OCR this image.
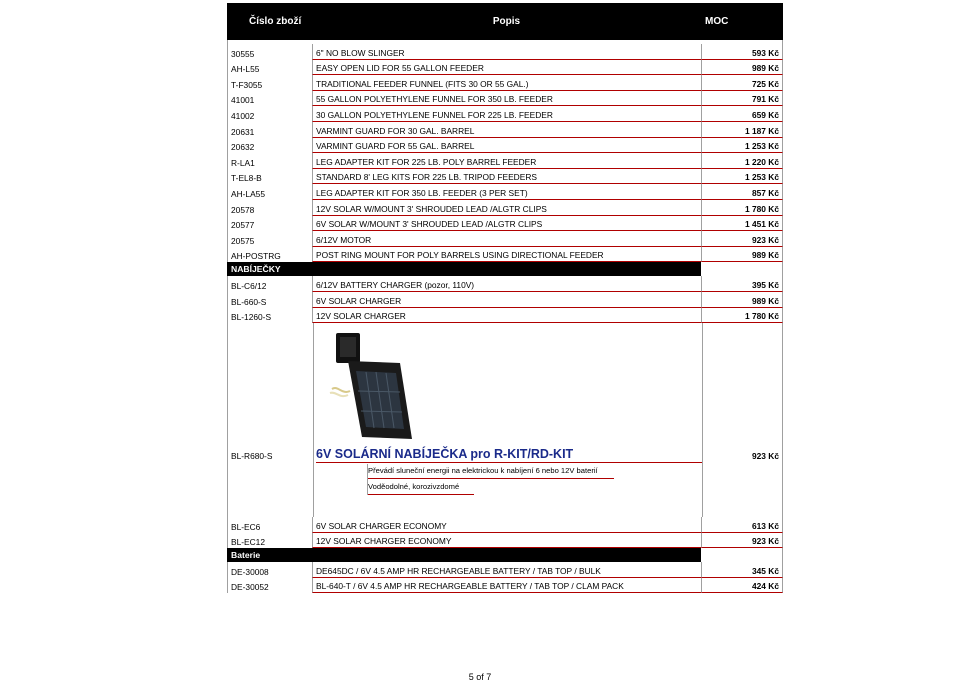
Číslo zboží	Popis	MOC
30555	6" NO BLOW SLINGER	593 Kč
AH-L55	EASY OPEN LID FOR 55 GALLON FEEDER	989 Kč
T-F3055	TRADITIONAL FEEDER FUNNEL (FITS 30 OR 55 GAL.)	725 Kč
41001	55 GALLON POLYETHYLENE FUNNEL FOR 350 LB. FEEDER	791 Kč
41002	30 GALLON POLYETHYLENE FUNNEL FOR 225 LB. FEEDER	659 Kč
20631	VARMINT GUARD FOR 30 GAL. BARREL	1 187 Kč
20632	VARMINT GUARD FOR 55 GAL. BARREL	1 253 Kč
R-LA1	LEG ADAPTER KIT FOR 225 LB. POLY BARREL FEEDER	1 220 Kč
T-EL8-B	STANDARD 8' LEG KITS FOR 225 LB. TRIPOD FEEDERS	1 253 Kč
AH-LA55	LEG ADAPTER KIT FOR 350 LB. FEEDER (3 PER SET)	857 Kč
20578	12V SOLAR W/MOUNT 3' SHROUDED LEAD /ALGTR CLIPS	1 780 Kč
20577	6V SOLAR W/MOUNT 3' SHROUDED LEAD /ALGTR CLIPS	1 451 Kč
20575	6/12V MOTOR	923 Kč
AH-POSTRG	POST RING MOUNT FOR POLY BARRELS USING DIRECTIONAL FEEDER	989 Kč
NABÍJEČKY
BL-C6/12	6/12V BATTERY CHARGER (pozor, 110V)	395 Kč
BL-660-S	6V SOLAR CHARGER	989 Kč
BL-1260-S	12V SOLAR CHARGER	1 780 Kč
BL-R680-S	6V SOLÁRNÍ NABÍJEČKA pro R-KIT/RD-KIT	923 Kč
Převádí sluneční energii na elektrickou k nabíjení 6 nebo 12V baterií
Voděodolné, korozivzdomé
BL-EC6	6V SOLAR CHARGER ECONOMY	613 Kč
BL-EC12	12V SOLAR CHARGER ECONOMY	923 Kč
Baterie
DE-30008	DE645DC / 6V 4.5 AMP HR RECHARGEABLE BATTERY / TAB TOP / BULK	345 Kč
DE-30052	BL-640-T / 6V 4.5 AMP HR RECHARGEABLE BATTERY / TAB TOP / CLAM PACK	424 Kč
5 of 7
